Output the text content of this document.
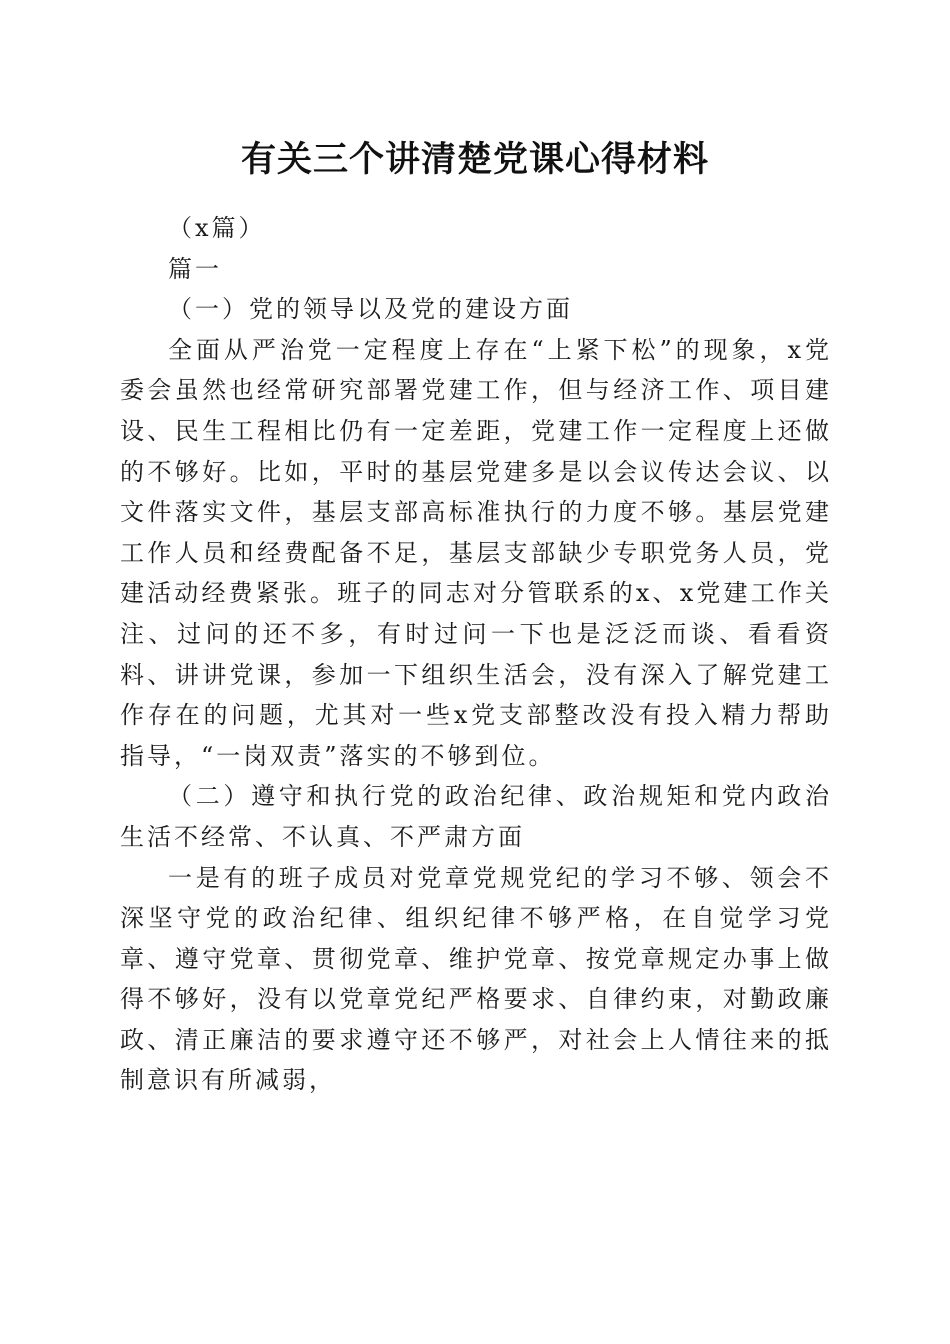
有关三个讲清楚党课心得材料

（x篇）

篇一

（一）党的领导以及党的建设方面

全面从严治党一定程度上存在“上紧下松”的现象，x党委会虽然也经常研究部署党建工作，但与经济工作、项目建设、民生工程相比仍有一定差距，党建工作一定程度上还做的不够好。比如，平时的基层党建多是以会议传达会议、以文件落实文件，基层支部高标准执行的力度不够。基层党建工作人员和经费配备不足，基层支部缺少专职党务人员，党建活动经费紧张。班子的同志对分管联系的x、x党建工作关注、过问的还不多，有时过问一下也是泛泛而谈、看看资料、讲讲党课，参加一下组织生活会，没有深入了解党建工作存在的问题，尤其对一些x党支部整改没有投入精力帮助指导，“一岗双责”落实的不够到位。

（二）遵守和执行党的政治纪律、政治规矩和党内政治生活不经常、不认真、不严肃方面

一是有的班子成员对党章党规党纪的学习不够、领会不深坚守党的政治纪律、组织纪律不够严格，在自觉学习党章、遵守党章、贯彻党章、维护党章、按党章规定办事上做得不够好，没有以党章党纪严格要求、自律约束，对勤政廉政、清正廉洁的要求遵守还不够严，对社会上人情往来的抵制意识有所减弱，
